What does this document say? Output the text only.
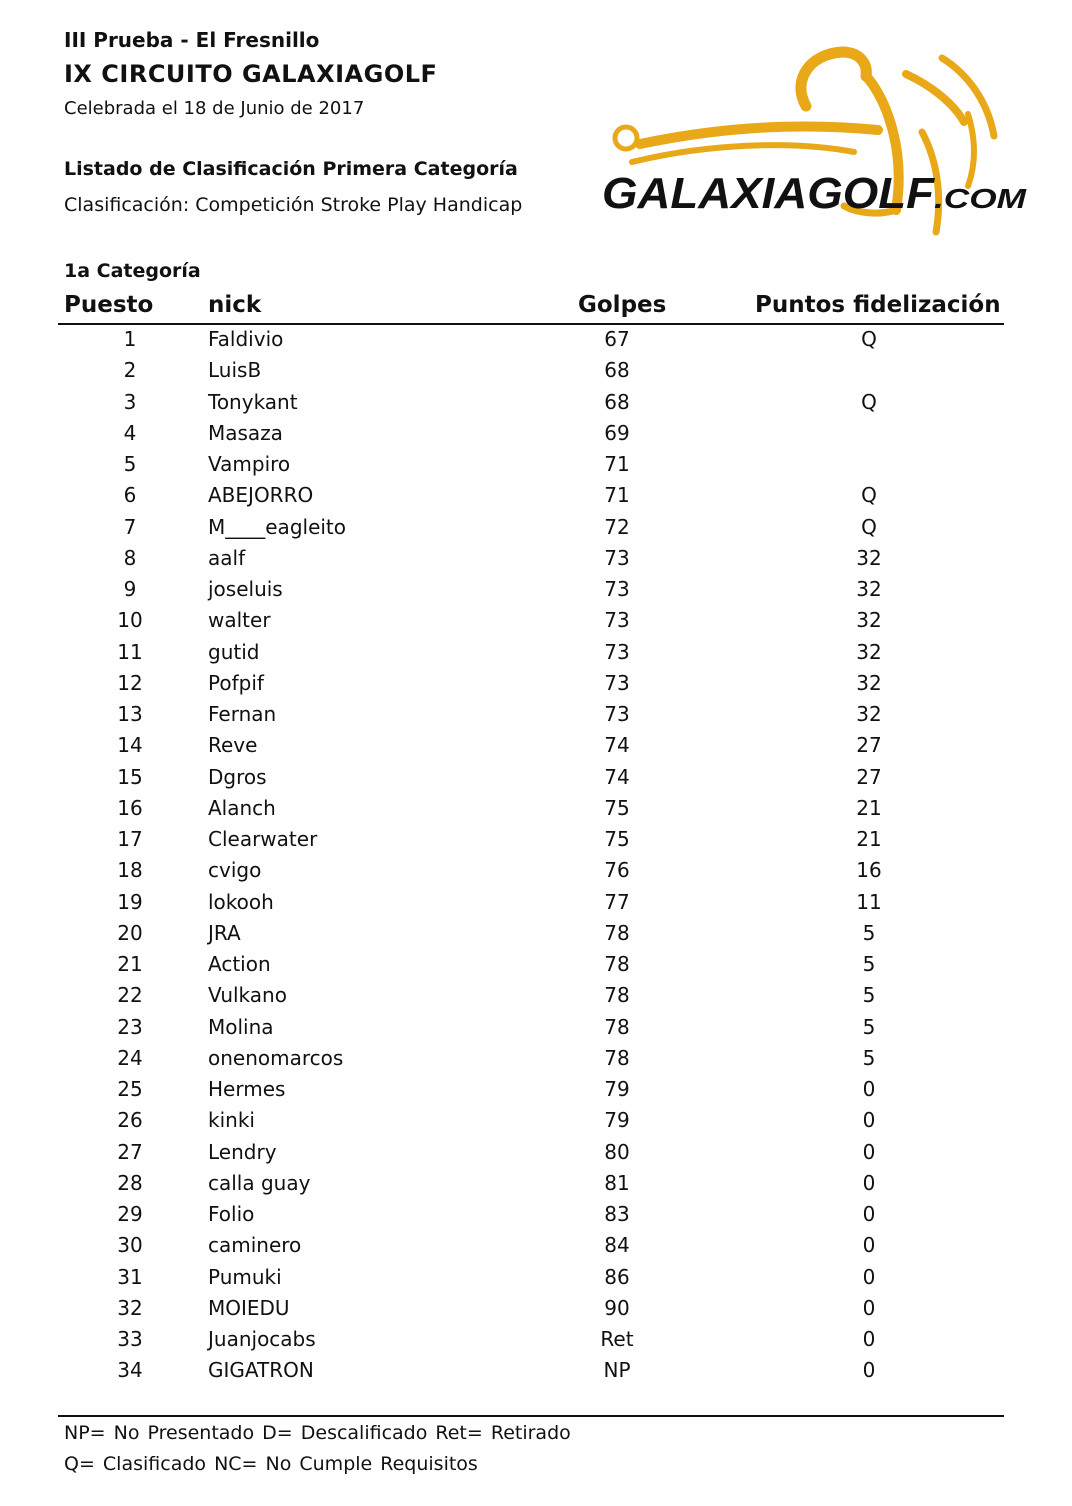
III Prueba - El Fresnillo
IX CIRCUITO GALAXIAGOLF
Celebrada el 18 de Junio de 2017
Listado de Clasificación Primera Categoría
Clasificación: Competición Stroke Play Handicap GALAXIAGOLF
.COM
1a Categoría
Puesto nick	Golpes	Puntos fidelización
1	Faldivio	67	Q
2	LuisB	68
3	Tonykant	68	Q
4	Masaza	69
5	Vampiro	71
6	ABEJORRO	71	Q
7	M____eagleito	72	Q
8	aalf	73	32
9	joseluis	73	32
10	walter	73	32
11	gutid	73	32
12	Pofpif	73	32
13	Fernan	73	32
14	Reve	74	27
15	Dgros	74	27
16	Alanch	75	21
17	Clearwater	75	21
18	cvigo	76	16
19	lokooh	77	11
20	JRA	78	5
21	Action	78	5
22	Vulkano	78	5
23	Molina	78	5
24	onenomarcos	78	5
25	Hermes	79	0
26	kinki	79	0
27	Lendry	80	0
28	calla guay	81	0
29	Folio	83	0
30	caminero	84	0
31	Pumuki	86	0
32	MOIEDU	90	0
33	Juanjocabs	Ret	0
34	GIGATRON	NP	0
NP= No Presentado D= Descalificado Ret= Retirado
Q= Clasificado NC= No Cumple Requisitos
